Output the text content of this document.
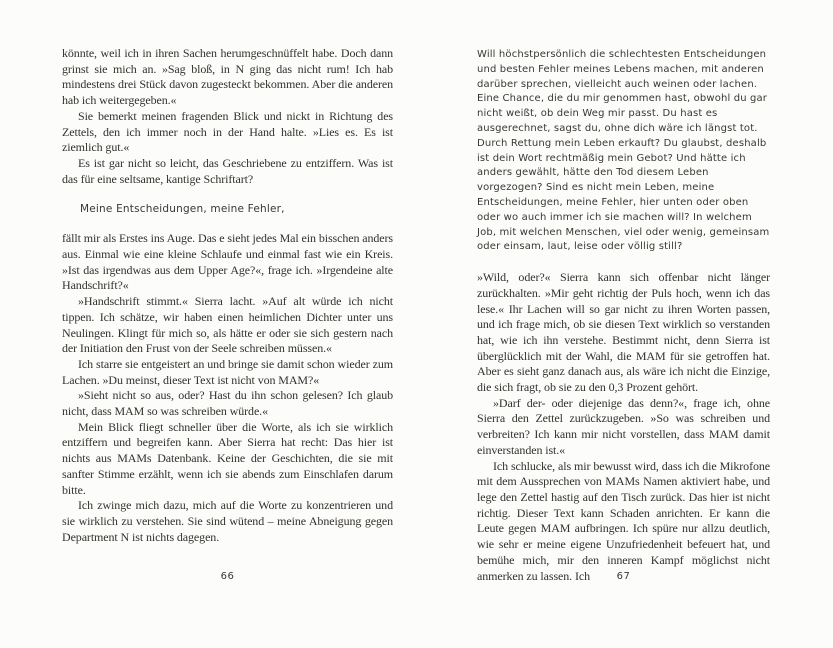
könnte, weil ich in ihren Sachen herumgeschnüffelt habe. Doch dann grinst sie mich an. »Sag bloß, in N ging das nicht rum! Ich hab mindestens drei Stück davon zugesteckt bekommen. Aber die anderen hab ich weitergegeben.«

Sie bemerkt meinen fragenden Blick und nickt in Richtung des Zettels, den ich immer noch in der Hand halte. »Lies es. Es ist ziemlich gut.«

Es ist gar nicht so leicht, das Geschriebene zu entziffern. Was ist das für eine seltsame, kantige Schriftart?

Meine Entscheidungen, meine Fehler,

fällt mir als Erstes ins Auge. Das e sieht jedes Mal ein bisschen anders aus. Einmal wie eine kleine Schlaufe und einmal fast wie ein Kreis. »Ist das irgendwas aus dem Upper Age?«, frage ich. »Irgendeine alte Handschrift?«

»Handschrift stimmt.« Sierra lacht. »Auf alt würde ich nicht tippen. Ich schätze, wir haben einen heimlichen Dichter unter uns Neulingen. Klingt für mich so, als hätte er oder sie sich gestern nach der Initiation den Frust von der Seele schreiben müssen.«

Ich starre sie entgeistert an und bringe sie damit schon wieder zum Lachen. »Du meinst, dieser Text ist nicht von MAM?«

»Sieht nicht so aus, oder? Hast du ihn schon gelesen? Ich glaub nicht, dass MAM so was schreiben würde.«

Mein Blick fliegt schneller über die Worte, als ich sie wirklich entziffern und begreifen kann. Aber Sierra hat recht: Das hier ist nichts aus MAMs Datenbank. Keine der Geschichten, die sie mit sanfter Stimme erzählt, wenn ich sie abends zum Einschlafen darum bitte.

Ich zwinge mich dazu, mich auf die Worte zu konzentrieren und sie wirklich zu verstehen. Sie sind wütend – meine Abneigung gegen Department N ist nichts dagegen.

66

Will höchstpersönlich die schlechtesten Entscheidungen und besten Fehler meines Lebens machen, mit anderen darüber sprechen, vielleicht auch weinen oder lachen. Eine Chance, die du mir genommen hast, obwohl du gar nicht weißt, ob dein Weg mir passt. Du hast es ausgerechnet, sagst du, ohne dich wäre ich längst tot. Durch Rettung mein Leben erkauft? Du glaubst, deshalb ist dein Wort rechtmäßig mein Gebot? Und hätte ich anders gewählt, hätte den Tod diesem Leben vorgezogen? Sind es nicht mein Leben, meine Entscheidungen, meine Fehler, hier unten oder oben oder wo auch immer ich sie machen will? In welchem Job, mit welchen Menschen, viel oder wenig, gemeinsam oder einsam, laut, leise oder völlig still?

»Wild, oder?« Sierra kann sich offenbar nicht länger zurückhalten. »Mir geht richtig der Puls hoch, wenn ich das lese.« Ihr Lachen will so gar nicht zu ihren Worten passen, und ich frage mich, ob sie diesen Text wirklich so verstanden hat, wie ich ihn verstehe. Bestimmt nicht, denn Sierra ist überglücklich mit der Wahl, die MAM für sie getroffen hat. Aber es sieht ganz danach aus, als wäre ich nicht die Einzige, die sich fragt, ob sie zu den 0,3 Prozent gehört.

»Darf der- oder diejenige das denn?«, frage ich, ohne Sierra den Zettel zurückzugeben. »So was schreiben und verbreiten? Ich kann mir nicht vorstellen, dass MAM damit einverstanden ist.«

Ich schlucke, als mir bewusst wird, dass ich die Mikrofone mit dem Aussprechen von MAMs Namen aktiviert habe, und lege den Zettel hastig auf den Tisch zurück. Das hier ist nicht richtig. Dieser Text kann Schaden anrichten. Er kann die Leute gegen MAM aufbringen. Ich spüre nur allzu deutlich, wie sehr er meine eigene Unzufriedenheit befeuert hat, und bemühe mich, mir den inneren Kampf möglichst nicht anmerken zu lassen. Ich	67
